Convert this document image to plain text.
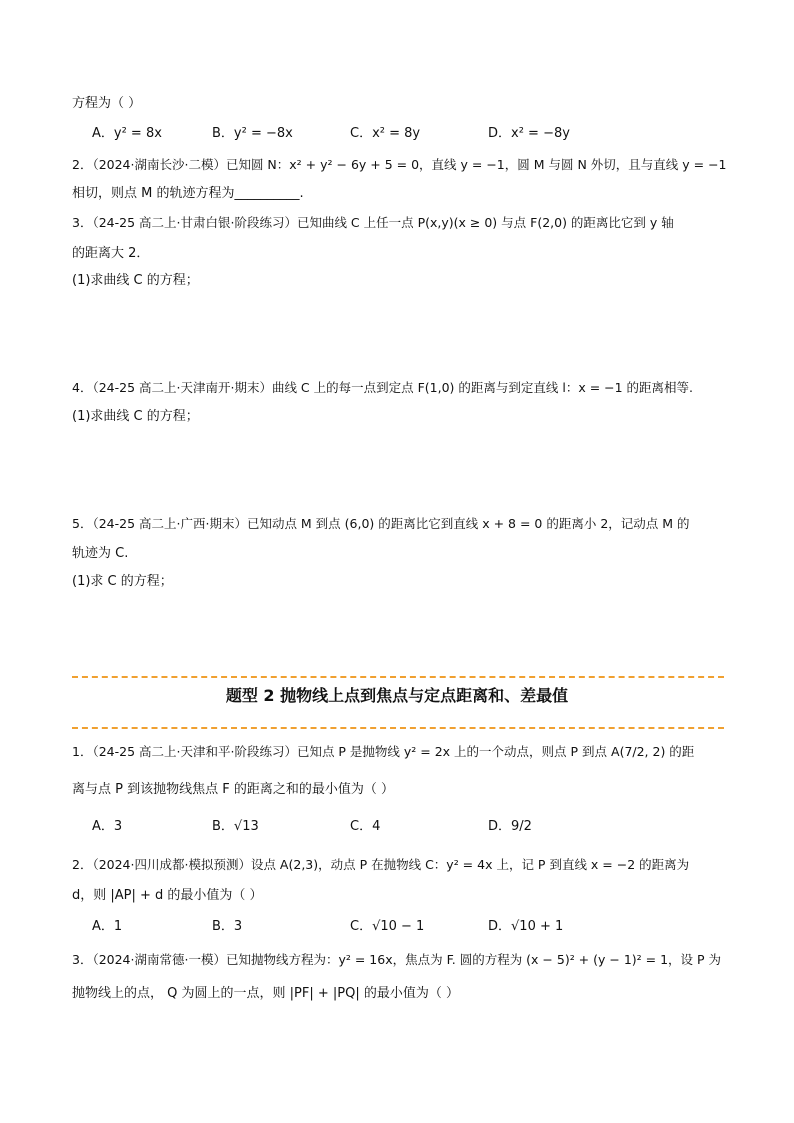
方程为（ ）
A．y² = 8x	B．y² = −8x	C．x² = 8y	D．x² = −8y
2．（2024·湖南长沙·二模）已知圆 N：x² + y² − 6y + 5 = 0，直线 y = −1，圆 M 与圆 N 外切，且与直线 y = −1
相切，则点 M 的轨迹方程为__________.
3．（24-25 高二上·甘肃白银·阶段练习）已知曲线 C 上任一点 P(x,y)(x ≥ 0) 与点 F(2,0) 的距离比它到 y 轴
的距离大 2．
(1)求曲线 C 的方程；
4．（24-25 高二上·天津南开·期末）曲线 C 上的每一点到定点 F(1,0) 的距离与到定直线 l：x = −1 的距离相等.
(1)求曲线 C 的方程；
5．（24-25 高二上·广西·期末）已知动点 M 到点 (6,0) 的距离比它到直线 x + 8 = 0 的距离小 2，记动点 M 的
轨迹为 C.
(1)求 C 的方程；
题型 2 抛物线上点到焦点与定点距离和、差最值
1．（24-25 高二上·天津和平·阶段练习）已知点 P 是抛物线 y² = 2x 上的一个动点，则点 P 到点 A(7/2, 2) 的距
离与点 P 到该抛物线焦点 F 的距离之和的最小值为（ ）
A．3	B．√13	C．4	D．9/2
2．（2024·四川成都·模拟预测）设点 A(2,3)，动点 P 在抛物线 C：y² = 4x 上，记 P 到直线 x = −2 的距离为
d，则 |AP| + d 的最小值为（ ）
A．1	B．3	C．√10 − 1	D．√10 + 1
3．（2024·湖南常德·一模）已知抛物线方程为：y² = 16x，焦点为 F. 圆的方程为 (x − 5)² + (y − 1)² = 1，设 P 为
抛物线上的点， Q 为圆上的一点，则 |PF| + |PQ| 的最小值为（ ）
